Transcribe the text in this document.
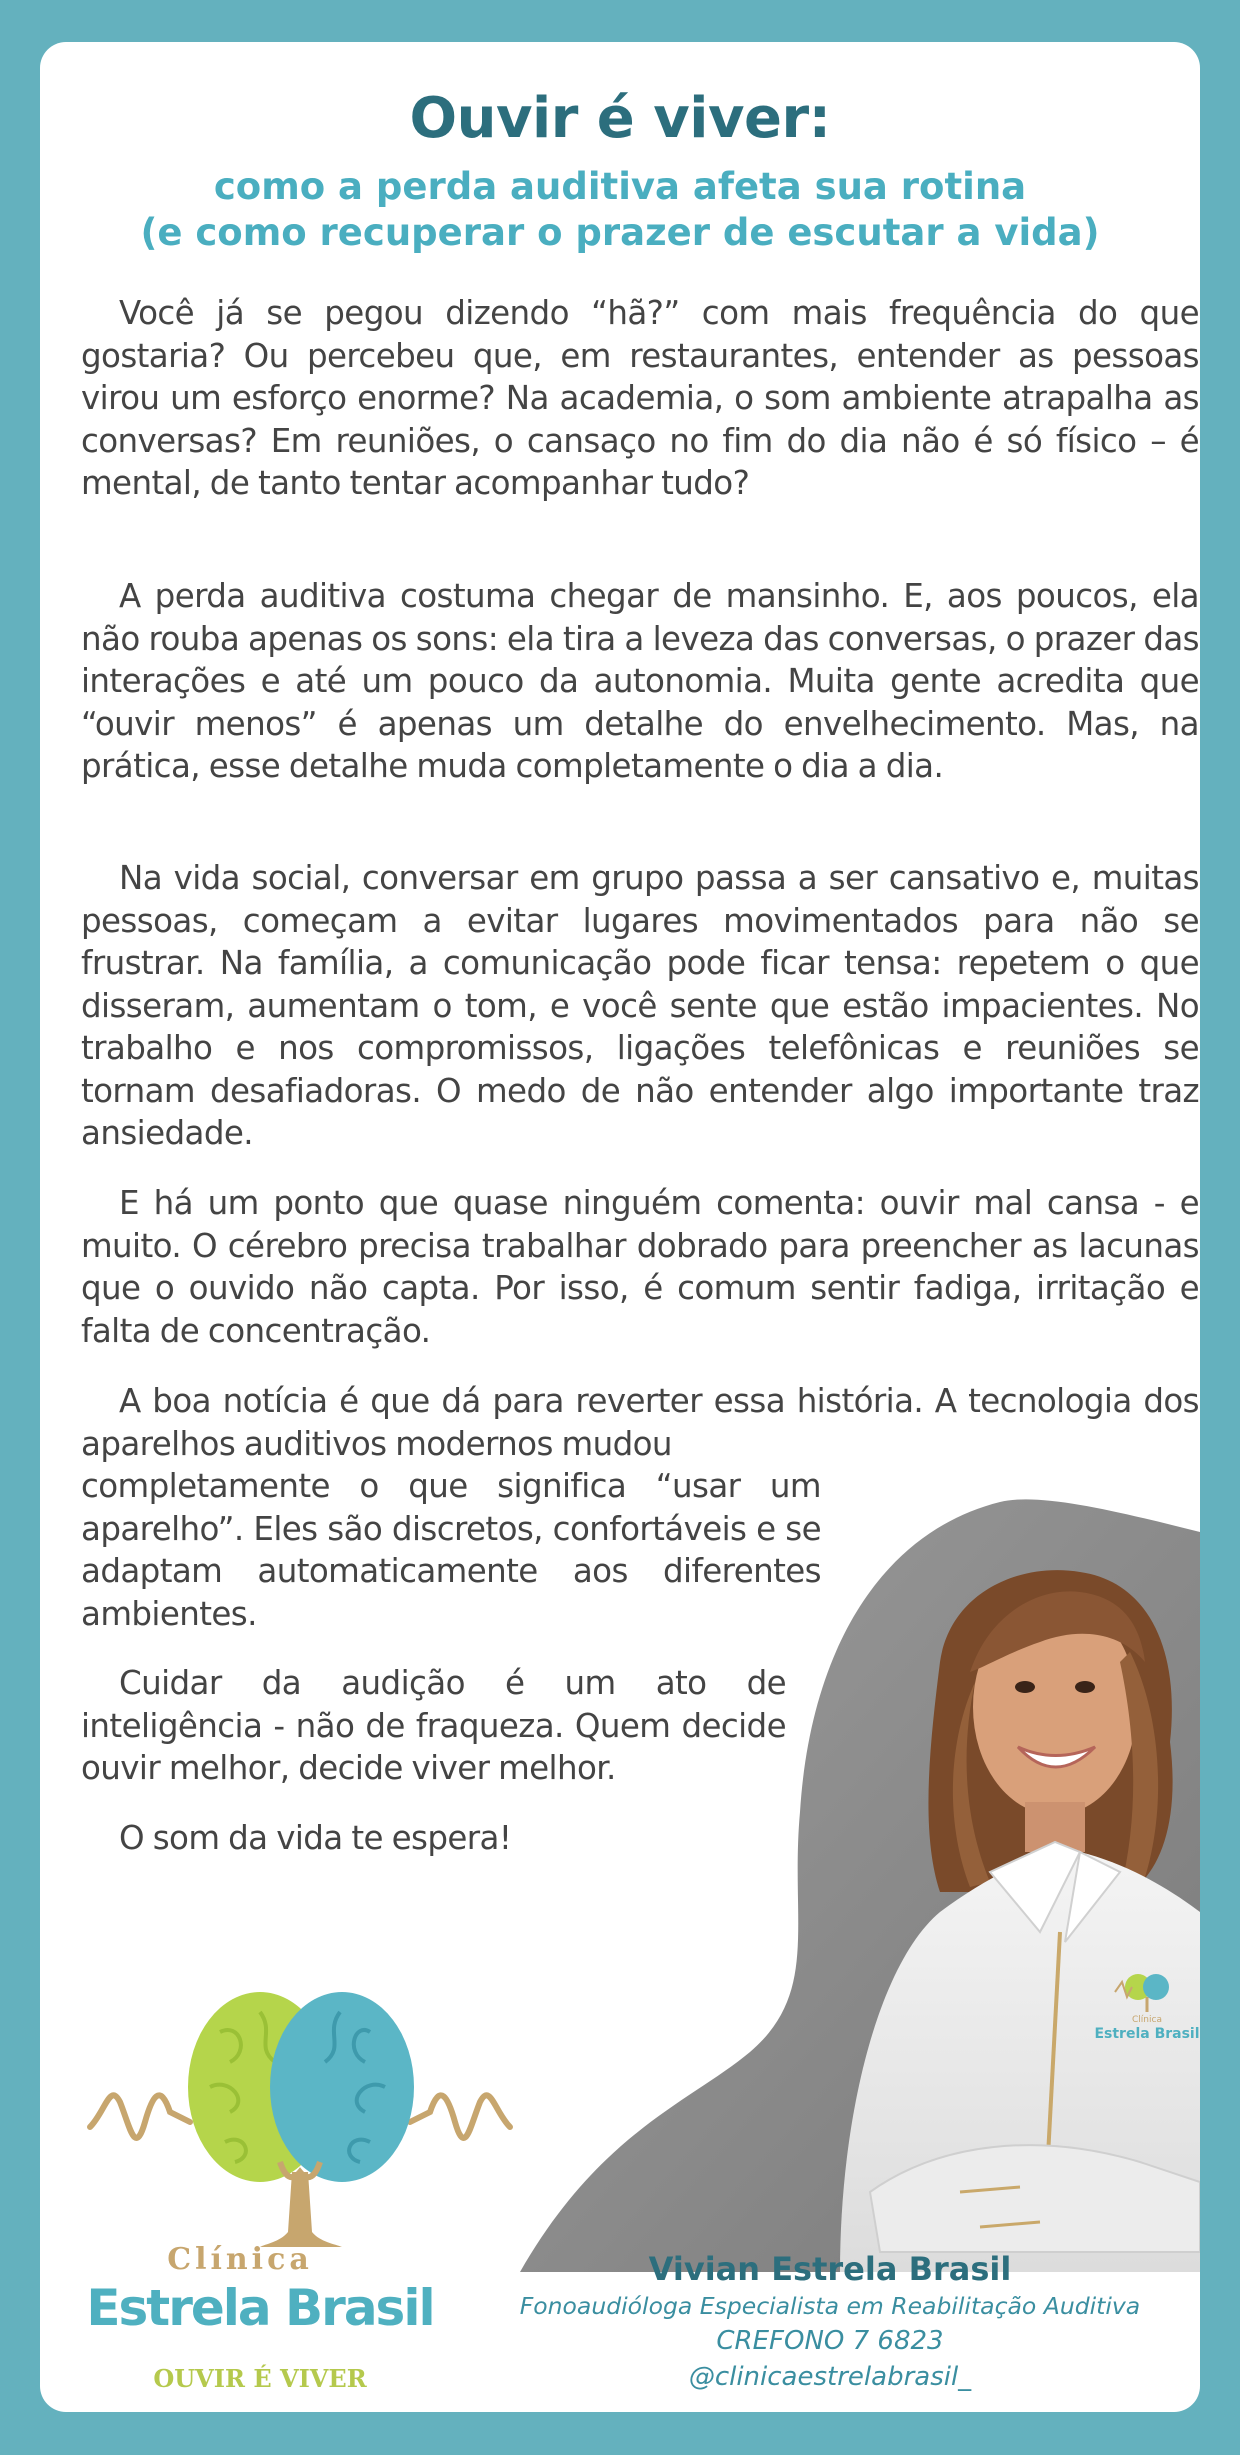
Ouvir é viver:
como a perda auditiva afeta sua rotina
(e como recuperar o prazer de escutar a vida)

Você já se pegou dizendo “hã?” com mais frequência do que gostaria? Ou percebeu que, em restaurantes, entender as pessoas virou um esforço enorme? Na academia, o som ambiente atrapalha as conversas? Em reuniões, o cansaço no fim do dia não é só físico – é mental, de tanto tentar acompanhar tudo?

A perda auditiva costuma chegar de mansinho. E, aos poucos, ela não rouba apenas os sons: ela tira a leveza das conversas, o prazer das interações e até um pouco da autonomia. Muita gente acredita que “ouvir menos” é apenas um detalhe do envelhecimento. Mas, na prática, esse detalhe muda completamente o dia a dia.

Na vida social, conversar em grupo passa a ser cansativo e, muitas pessoas, começam a evitar lugares movimentados para não se frustrar. Na família, a comunicação pode ficar tensa: repetem o que disseram, aumentam o tom, e você sente que estão impacientes. No trabalho e nos compromissos, ligações telefônicas e reuniões se tornam desafiadoras. O medo de não entender algo importante traz ansiedade.

E há um ponto que quase ninguém comenta: ouvir mal cansa - e muito. O cérebro precisa trabalhar dobrado para preencher as lacunas que o ouvido não capta. Por isso, é comum sentir fadiga, irritação e falta de concentração.

A boa notícia é que dá para reverter essa história. A tecnologia dos aparelhos auditivos modernos mudou

completamente o que significa “usar um aparelho”. Eles são discretos, confortáveis e se adaptam automaticamente aos diferentes ambientes.

Cuidar da audição é um ato de inteligência - não de fraqueza. Quem decide ouvir melhor, decide viver melhor.

O som da vida te espera!

Clínica
Estrela Brasil
Clínica
Estrela Brasil
OUVIR É VIVER
Vivian Estrela Brasil
Fonoaudióloga Especialista em Reabilitação Auditiva
CREFONO 7 6823
@clinicaestrelabrasil_
